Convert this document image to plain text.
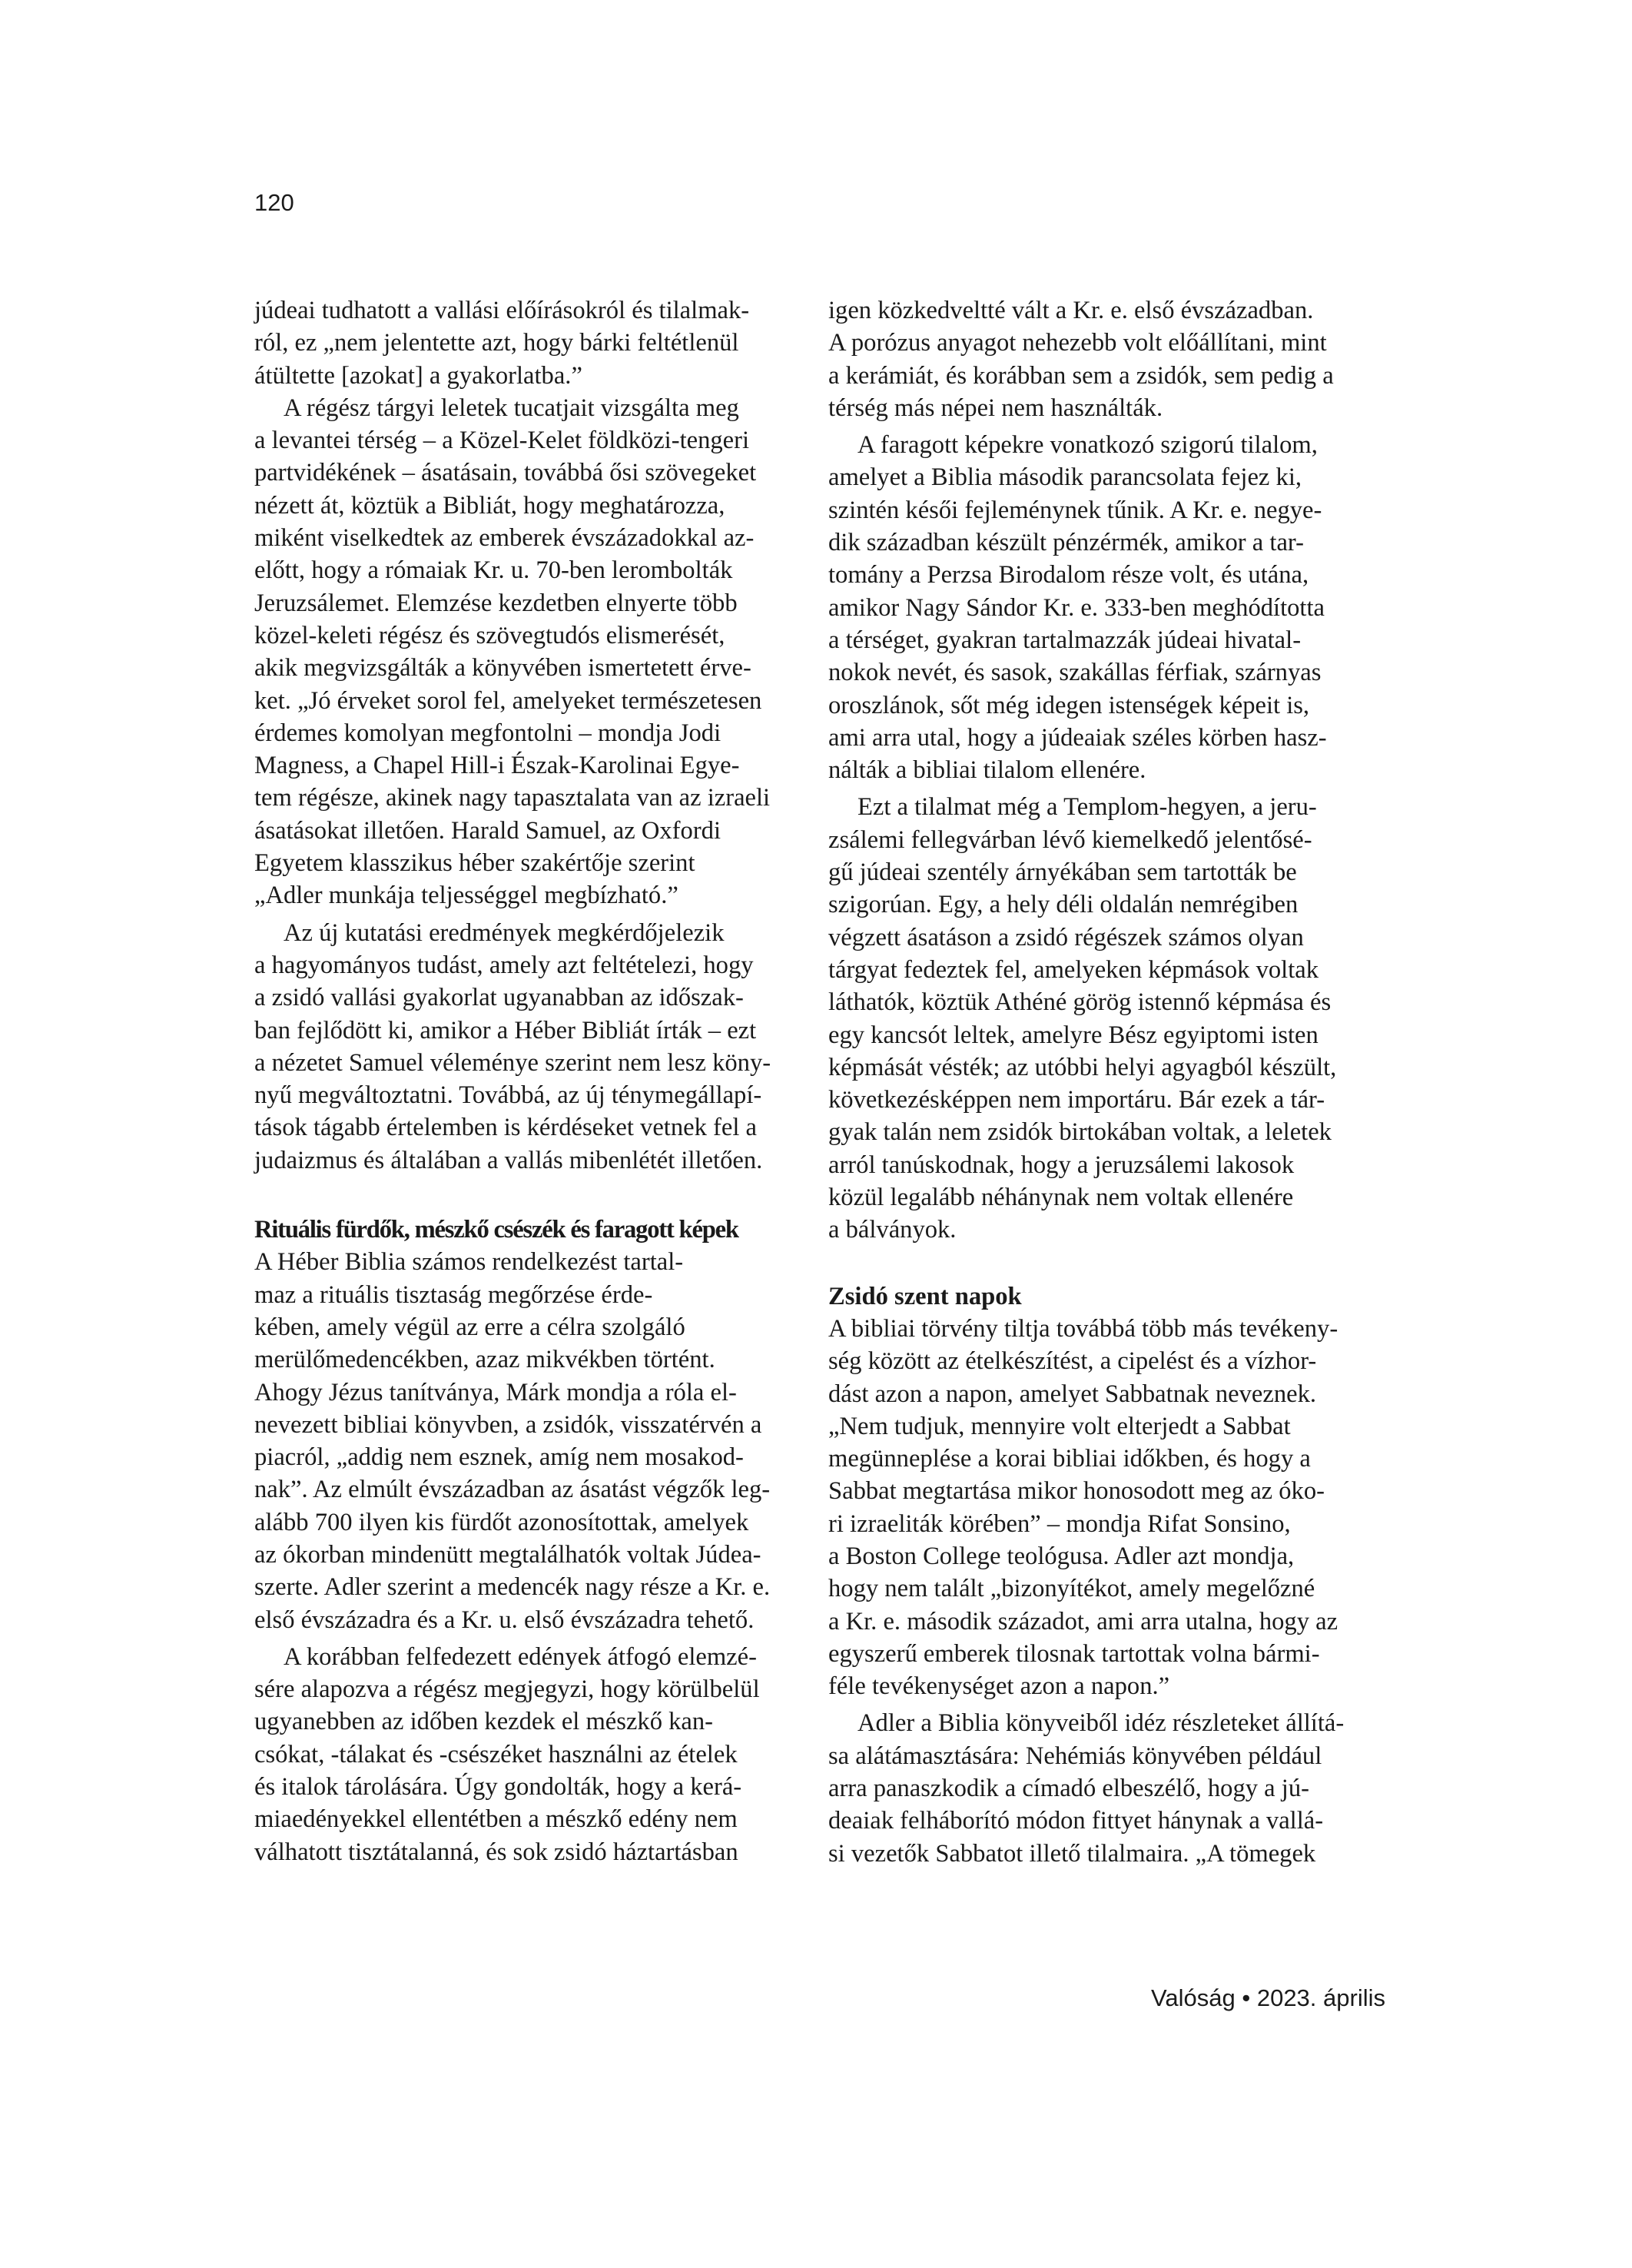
120

júdeai tudhatott a vallási előírásokról és tilalmak-
ról, ez „nem jelentette azt, hogy bárki feltétlenül
átültette [azokat] a gyakorlatba.”

A régész tárgyi leletek tucatjait vizsgálta meg
a levantei térség – a Közel-Kelet földközi-tengeri
partvidékének – ásatásain, továbbá ősi szövegeket
nézett át, köztük a Bibliát, hogy meghatározza,
miként viselkedtek az emberek évszázadokkal az-
előtt, hogy a rómaiak Kr. u. 70-ben lerombolták
Jeruzsálemet. Elemzése kezdetben elnyerte több
közel-keleti régész és szövegtudós elismerését,
akik megvizsgálták a könyvében ismertetett érve-
ket. „Jó érveket sorol fel, amelyeket természetesen
érdemes komolyan megfontolni – mondja Jodi
Magness, a Chapel Hill-i Észak-Karolinai Egye-
tem régésze, akinek nagy tapasztalata van az izraeli
ásatásokat illetően. Harald Samuel, az Oxfordi
Egyetem klasszikus héber szakértője szerint
„Adler munkája teljességgel megbízható.”

Az új kutatási eredmények megkérdőjelezik
a hagyományos tudást, amely azt feltételezi, hogy
a zsidó vallási gyakorlat ugyanabban az időszak-
ban fejlődött ki, amikor a Héber Bibliát írták – ezt
a nézetet Samuel véleménye szerint nem lesz köny-
nyű megváltoztatni. Továbbá, az új ténymegállapí-
tások tágabb értelemben is kérdéseket vetnek fel a
judaizmus és általában a vallás mibenlétét illetően.

Rituális fürdők, mészkő csészék és faragott képek

A Héber Biblia számos rendelkezést tartal-
maz a rituális tisztaság megőrzése érde-
kében, amely végül az erre a célra szolgáló
merülőmedencékben, azaz mikvékben történt.
Ahogy Jézus tanítványa, Márk mondja a róla el-
nevezett bibliai könyvben, a zsidók, visszatérvén a
piacról, „addig nem esznek, amíg nem mosakod-
nak”. Az elmúlt évszázadban az ásatást végzők leg-
alább 700 ilyen kis fürdőt azonosítottak, amelyek
az ókorban mindenütt megtalálhatók voltak Júdea-
szerte. Adler szerint a medencék nagy része a Kr. e.
első évszázadra és a Kr. u. első évszázadra tehető.

A korábban felfedezett edények átfogó elemzé-
sére alapozva a régész megjegyzi, hogy körülbelül
ugyanebben az időben kezdek el mészkő kan-
csókat, -tálakat és -csészéket használni az ételek
és italok tárolására. Úgy gondolták, hogy a kerá-
miaedényekkel ellentétben a mészkő edény nem
válhatott tisztátalanná, és sok zsidó háztartásban

igen közkedveltté vált a Kr. e. első évszázadban.
A porózus anyagot nehezebb volt előállítani, mint
a kerámiát, és korábban sem a zsidók, sem pedig a
térség más népei nem használták.

A faragott képekre vonatkozó szigorú tilalom,
amelyet a Biblia második parancsolata fejez ki,
szintén késői fejleménynek tűnik. A Kr. e. negye-
dik században készült pénzérmék, amikor a tar-
tomány a Perzsa Birodalom része volt, és utána,
amikor Nagy Sándor Kr. e. 333-ben meghódította
a térséget, gyakran tartalmazzák júdeai hivatal-
nokok nevét, és sasok, szakállas férfiak, szárnyas
oroszlánok, sőt még idegen istenségek képeit is,
ami arra utal, hogy a júdeaiak széles körben hasz-
nálták a bibliai tilalom ellenére.

Ezt a tilalmat még a Templom-hegyen, a jeru-
zsálemi fellegvárban lévő kiemelkedő jelentősé-
gű júdeai szentély árnyékában sem tartották be
szigorúan. Egy, a hely déli oldalán nemrégiben
végzett ásatáson a zsidó régészek számos olyan
tárgyat fedeztek fel, amelyeken képmások voltak
láthatók, köztük Athéné görög istennő képmása és
egy kancsót leltek, amelyre Bész egyiptomi isten
képmását vésték; az utóbbi helyi agyagból készült,
következésképpen nem importáru. Bár ezek a tár-
gyak talán nem zsidók birtokában voltak, a leletek
arról tanúskodnak, hogy a jeruzsálemi lakosok
közül legalább néhánynak nem voltak ellenére
a bálványok.

Zsidó szent napok

A bibliai törvény tiltja továbbá több más tevékeny-
ség között az ételkészítést, a cipelést és a vízhor-
dást azon a napon, amelyet Sabbatnak neveznek.
„Nem tudjuk, mennyire volt elterjedt a Sabbat
megünneplése a korai bibliai időkben, és hogy a
Sabbat megtartása mikor honosodott meg az óko-
ri izraeliták körében” – mondja Rifat Sonsino,
a Boston College teológusa. Adler azt mondja,
hogy nem talált „bizonyítékot, amely megelőzné
a Kr. e. második századot, ami arra utalna, hogy az
egyszerű emberek tilosnak tartottak volna bármi-
féle tevékenységet azon a napon.”

Adler a Biblia könyveiből idéz részleteket állítá-
sa alátámasztására: Nehémiás könyvében például
arra panaszkodik a címadó elbeszélő, hogy a jú-
deaiak felháborító módon fittyet hánynak a vallá-
si vezetők Sabbatot illető tilalmaira. „A tömegek

Valóság • 2023. április
